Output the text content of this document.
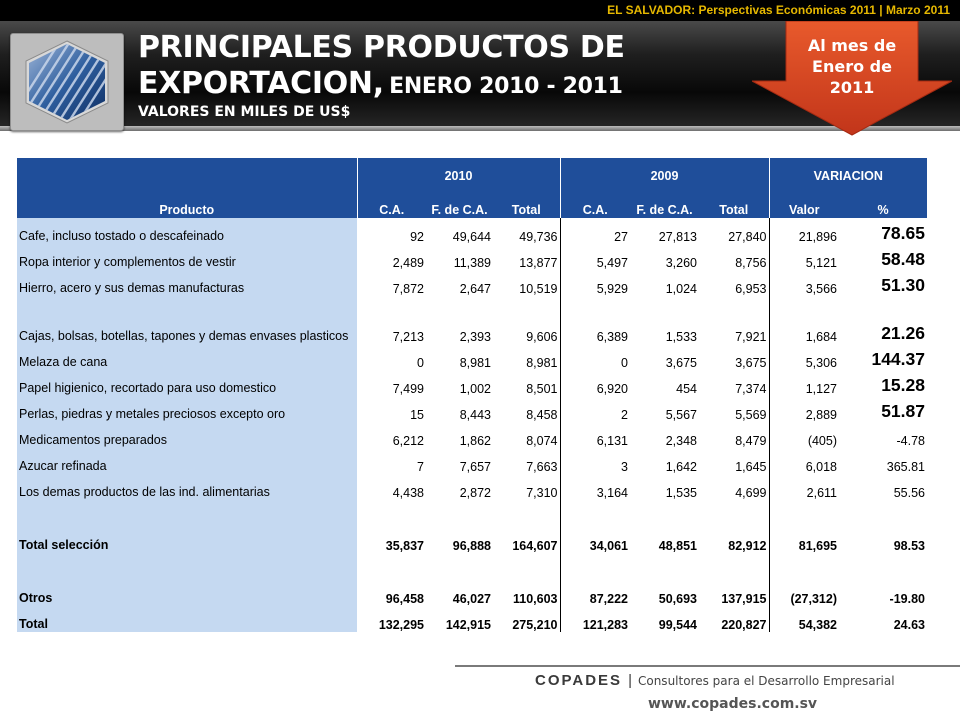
EL SALVADOR: Perspectivas Económicas 2011 | Marzo 2011
PRINCIPALES PRODUCTOS DE
EXPORTACION, ENERO 2010 - 2011
VALORES EN MILES DE US$
Al mes de
Enero de
2011
	2010			2009			VARIACION	
Producto	C.A.	F. de C.A.	Total	C.A.	F. de C.A.	Total	Valor	%
Cafe, incluso tostado o descafeinado	92	49,644	49,736	27	27,813	27,840	21,896	78.65
Ropa interior y complementos de vestir	2,489	11,389	13,877	5,497	3,260	8,756	5,121	58.48
Hierro, acero y sus demas manufacturas	7,872	2,647	10,519	5,929	1,024	6,953	3,566	51.30
Cajas, bolsas, botellas, tapones y demas envases plasticos	7,213	2,393	9,606	6,389	1,533	7,921	1,684	21.26
Melaza de cana	0	8,981	8,981	0	3,675	3,675	5,306	144.37
Papel higienico, recortado para uso domestico	7,499	1,002	8,501	6,920	454	7,374	1,127	15.28
Perlas, piedras y metales preciosos excepto oro	15	8,443	8,458	2	5,567	5,569	2,889	51.87
Medicamentos preparados	6,212	1,862	8,074	6,131	2,348	8,479	(405)	-4.78
Azucar refinada	7	7,657	7,663	3	1,642	1,645	6,018	365.81
Los demas productos de las ind. alimentarias	4,438	2,872	7,310	3,164	1,535	4,699	2,611	55.56
Total selección	35,837	96,888	164,607	34,061	48,851	82,912	81,695	98.53
Otros	96,458	46,027	110,603	87,222	50,693	137,915	(27,312)	-19.80
Total	132,295	142,915	275,210	121,283	99,544	220,827	54,382	24.63
COPADES | Consultores para el Desarrollo Empresarial
www.copades.com.sv
